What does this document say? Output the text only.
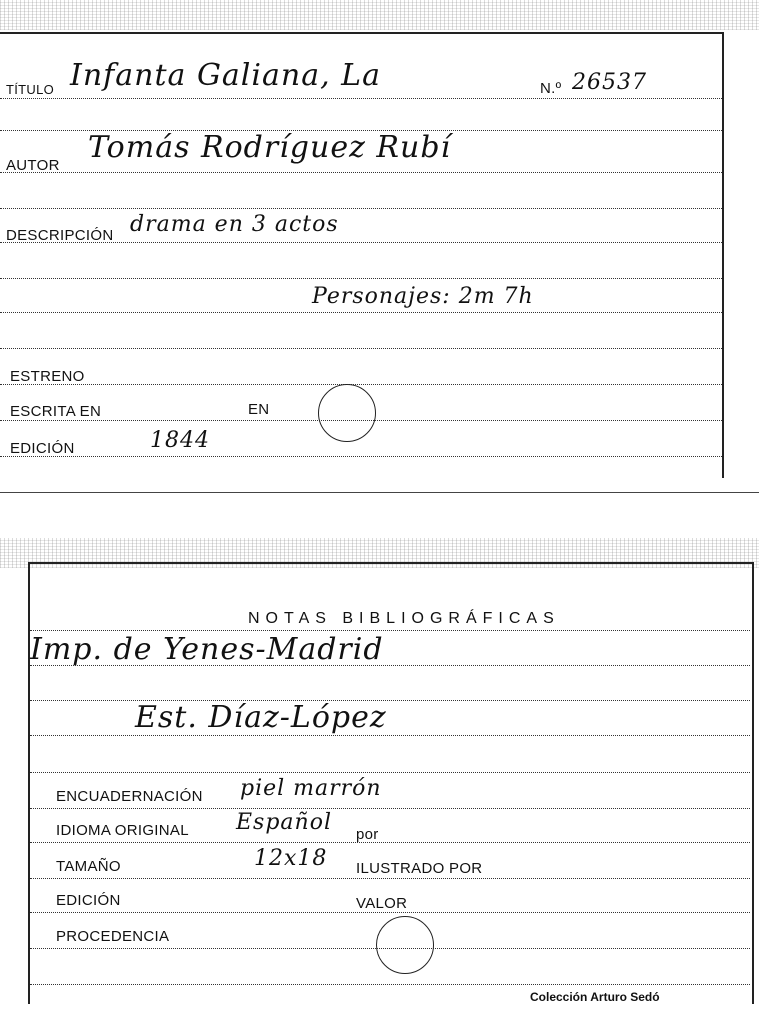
TÍTULO Infanta Galiana, La	N.º 26537
AUTOR
Tomás Rodríguez Rubí
DESCRIPCIÓN drama en 3 actos
Personajes: 2m 7h
ESTRENO
ESCRITA EN	EN
EDICIÓN	1844
NOTAS BIBLIOGRÁFICAS
Imp. de Yenes-Madrid
Est. Díaz-López
ENCUADERNACIÓN piel marrón
IDIOMA ORIGINAL Español por
TAMAÑO	12x18 ILUSTRADO POR
EDICIÓN	VALOR
PROCEDENCIA
Colección Arturo Sedó
